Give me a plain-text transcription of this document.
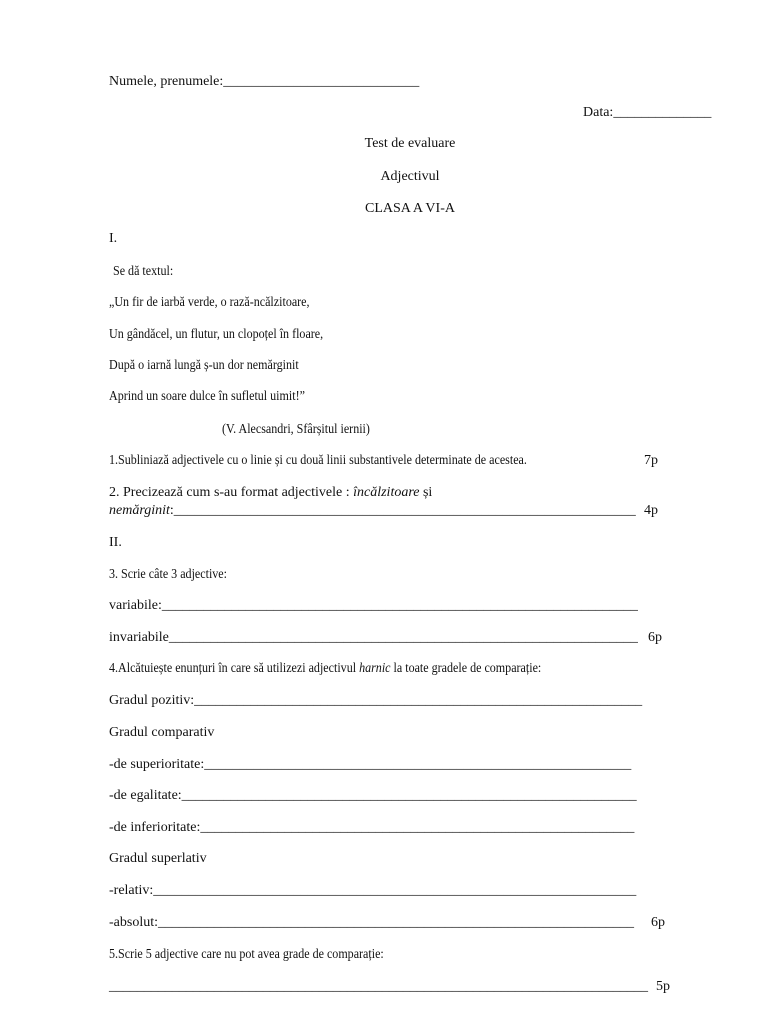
Numele, prenumele:____________________________
Data:______________
Test de evaluare
Adjectivul
CLASA A VI-A
I.
Se dă textul:
„Un fir de iarbă verde, o rază-ncălzitoare,
Un gândăcel, un flutur, un clopoțel în floare,
După o iarnă lungă ș-un dor nemărginit
Aprind un soare dulce în sufletul uimit!”
(V. Alecsandri, Sfârșitul iernii)
1.Subliniază adjectivele cu o linie și cu două linii substantivele determinate de acestea.	7p
2. Precizează cum s-au format adjectivele : încălzitoare și
nemărginit:__________________________________________________________________ 4p
II.
3. Scrie câte 3 adjective:
variabile:____________________________________________________________________
invariabile___________________________________________________________________ 6p
4.Alcătuiește enunțuri în care să utilizezi adjectivul harnic la toate gradele de comparație:
Gradul pozitiv:________________________________________________________________
Gradul comparativ
-de superioritate:_____________________________________________________________
-de egalitate:_________________________________________________________________
-de inferioritate:______________________________________________________________
Gradul superlativ
-relativ:_____________________________________________________________________
-absolut:____________________________________________________________________ 6p
5.Scrie 5 adjective care nu pot avea grade de comparație:
_____________________________________________________________________________ 5p
